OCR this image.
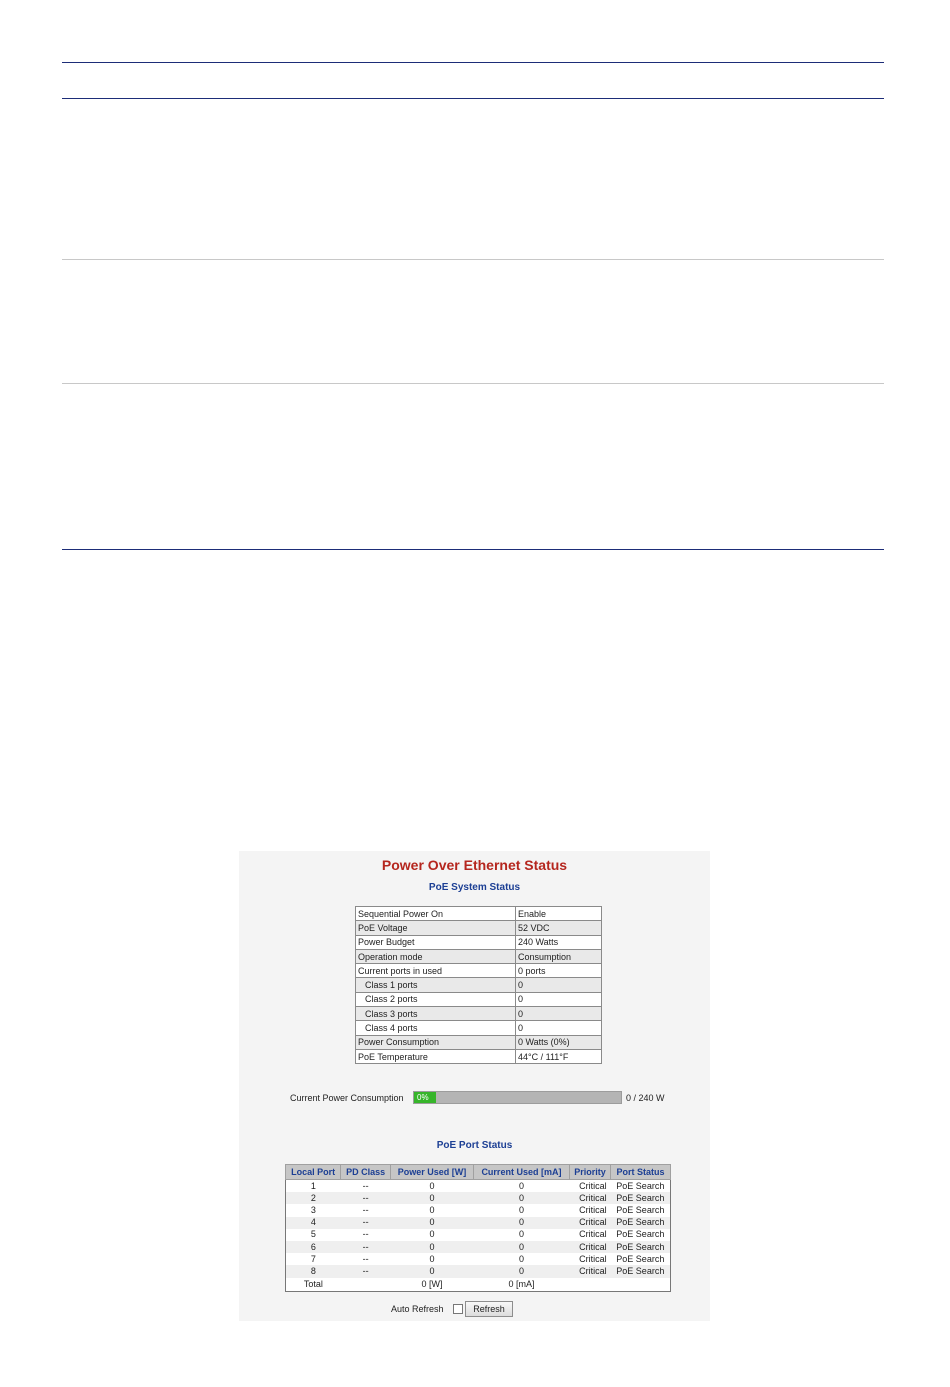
Power Over Ethernet Status
PoE System Status
Sequential Power On	Enable
PoE Voltage	52 VDC
Power Budget	240 Watts
Operation mode	Consumption
Current ports in used	0 ports
Class 1 ports	0
Class 2 ports	0
Class 3 ports	0
Class 4 ports	0
Power Consumption	0 Watts (0%)
PoE Temperature	44°C / 111°F
Current Power Consumption 0%	0 / 240 W
PoE Port Status
Local Port	PD Class	Power Used [W]	Current Used [mA]	Priority	Port Status
1	--	0	0	Critical	PoE Search
2	--	0	0	Critical	PoE Search
3	--	0	0	Critical	PoE Search
4	--	0	0	Critical	PoE Search
5	--	0	0	Critical	PoE Search
6	--	0	0	Critical	PoE Search
7	--	0	0	Critical	PoE Search
8	--	0	0	Critical	PoE Search
Total		0 [W]	0 [mA]		
Auto Refresh	Refresh
